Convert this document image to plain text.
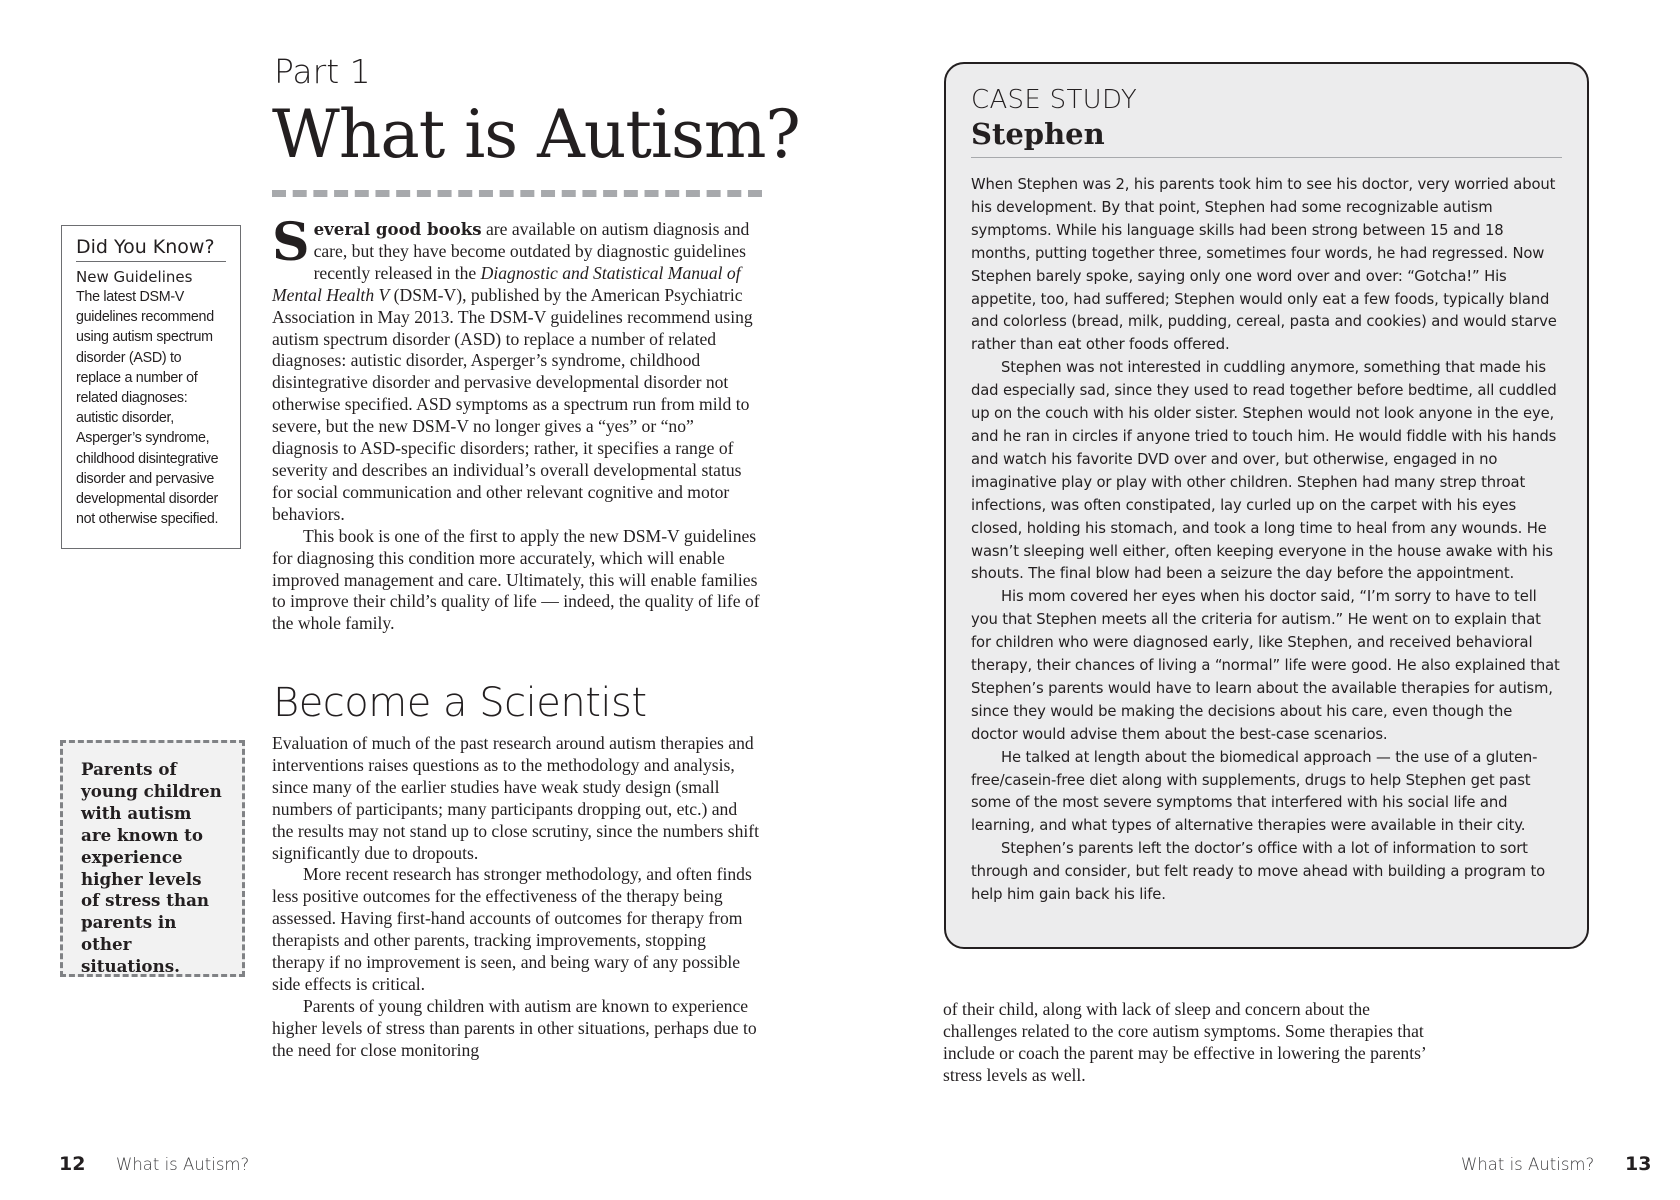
Part 1
What is Autism?

Several good books are available on autism diagnosis and care, but they have become outdated by diagnostic guidelines recently released in the Diagnostic and Statistical Manual of Mental Health V (DSM-V), published by the American Psychiatric Association in May 2013. The DSM-V guidelines recommend using autism spectrum disorder (ASD) to replace a number of related diagnoses: autistic disorder, Asperger’s syndrome, childhood disintegrative disorder and pervasive developmental disorder not otherwise specified. ASD symptoms as a spectrum run from mild to severe, but the new DSM-V no longer gives a “yes” or “no” diagnosis to ASD-specific disorders; rather, it specifies a range of severity and describes an individual’s overall developmental status for social communication and other relevant cognitive and motor behaviors.

This book is one of the first to apply the new DSM-V guidelines for diagnosing this condition more accurately, which will enable improved management and care. Ultimately, this will enable families to improve their child’s quality of life — indeed, the quality of life of the whole family.

Become a Scientist

Evaluation of much of the past research around autism therapies and interventions raises questions as to the methodology and analysis, since many of the earlier studies have weak study design (small numbers of participants; many participants dropping out, etc.) and the results may not stand up to close scrutiny, since the numbers shift significantly due to dropouts.

More recent research has stronger methodology, and often finds less positive outcomes for the effectiveness of the therapy being assessed. Having first-hand accounts of outcomes for therapy from therapists and other parents, tracking improvements, stopping therapy if no improvement is seen, and being wary of any possible side effects is critical.

Parents of young children with autism are known to experience higher levels of stress than parents in other situations, perhaps due to the need for close monitoring

Did You Know?
New Guidelines
The latest DSM-V guidelines recommend using autism spectrum disorder (ASD) to replace a number of related diagnoses: autistic disorder, Asperger’s syndrome, childhood disintegrative disorder and pervasive developmental disorder not otherwise specified.
Parents of young children with autism are known to experience higher levels of stress than parents in other situations.
12 What is Autism?
CASE STUDY
Stephen

When Stephen was 2, his parents took him to see his doctor, very worried about his development. By that point, Stephen had some recognizable autism symptoms. While his language skills had been strong between 15 and 18 months, putting together three, sometimes four words, he had regressed. Now Stephen barely spoke, saying only one word over and over: “Gotcha!” His appetite, too, had suffered; Stephen would only eat a few foods, typically bland and colorless (bread, milk, pudding, cereal, pasta and cookies) and would starve rather than eat other foods offered.

Stephen was not interested in cuddling anymore, something that made his dad especially sad, since they used to read together before bedtime, all cuddled up on the couch with his older sister. Stephen would not look anyone in the eye, and he ran in circles if anyone tried to touch him. He would fiddle with his hands and watch his favorite DVD over and over, but otherwise, engaged in no imaginative play or play with other children. Stephen had many strep throat infections, was often constipated, lay curled up on the carpet with his eyes closed, holding his stomach, and took a long time to heal from any wounds. He wasn’t sleeping well either, often keeping everyone in the house awake with his shouts. The final blow had been a seizure the day before the appointment.

His mom covered her eyes when his doctor said, “I’m sorry to have to tell you that Stephen meets all the criteria for autism.” He went on to explain that for children who were diagnosed early, like Stephen, and received behavioral therapy, their chances of living a “normal” life were good. He also explained that Stephen’s parents would have to learn about the available therapies for autism, since they would be making the decisions about his care, even though the doctor would advise them about the best-case scenarios.

He talked at length about the biomedical approach — the use of a gluten-free/casein-free diet along with supplements, drugs to help Stephen get past some of the most severe symptoms that interfered with his social life and learning, and what types of alternative therapies were available in their city.

Stephen’s parents left the doctor’s office with a lot of information to sort through and consider, but felt ready to move ahead with building a program to help him gain back his life.

of their child, along with lack of sleep and concern about the challenges related to the core autism symptoms. Some therapies that include or coach the parent may be effective in lowering the parents’ stress levels as well.
What is Autism? 13
